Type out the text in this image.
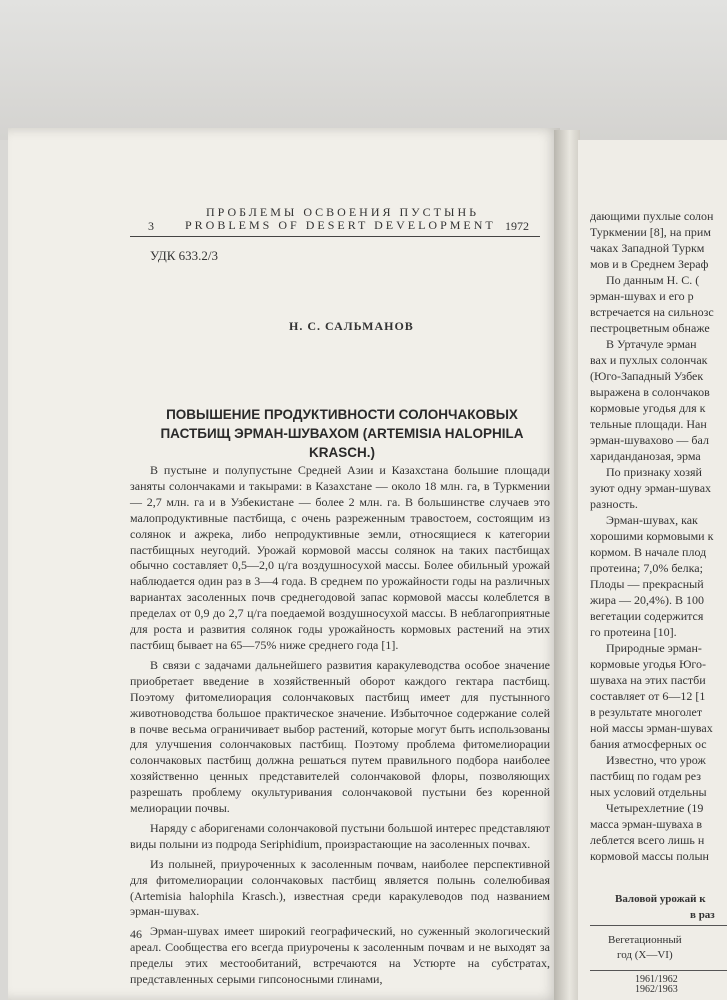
ПРОБЛЕМЫ ОСВОЕНИЯ ПУСТЫНЬ
3	PROBLEMS OF DESERT DEVELOPMENT 1972
УДК 633.2/3
Н. С. САЛЬМАНОВ
ПОВЫШЕНИЕ ПРОДУКТИВНОСТИ СОЛОНЧАКОВЫХ
ПАСТБИЩ ЭРМАН-ШУВАХОМ (ARTEMISIA HALOPHILA
KRASCH.)

В пустыне и полупустыне Средней Азии и Казахстана большие площади заняты солончаками и такырами: в Казахстане — около 18 млн. га, в Туркмении — 2,7 млн. га и в Узбекистане — более 2 млн. га. В большинстве случаев это малопродуктивные пастбища, с очень разреженным травостоем, состоящим из солянок и ажрека, либо непродуктивные земли, относящиеся к категории пастбищных неугодий. Урожай кормовой массы солянок на таких пастбищах обычно составляет 0,5—2,0 ц/га воздушносухой массы. Более обильный урожай наблюдается один раз в 3—4 года. В среднем по урожайности годы на различных вариантах засоленных почв среднегодовой запас кормовой массы колеблется в пределах от 0,9 до 2,7 ц/га поедаемой воздушносухой массы. В неблагоприятные для роста и развития солянок годы урожайность кормовых растений на этих пастбищ бывает на 65—75% ниже среднего года [1].

В связи с задачами дальнейшего развития каракулеводства особое значение приобретает введение в хозяйственный оборот каждого гектара пастбищ. Поэтому фитомелиорация солончаковых пастбищ имеет для пустынного животноводства большое практическое значение. Избыточное содержание солей в почве весьма ограничивает выбор растений, которые могут быть использованы для улучшения солончаковых пастбищ. Поэтому проблема фитомелиорации солончаковых пастбищ должна решаться путем правильного подбора наиболее хозяйственно ценных представителей солончаковой флоры, позволяющих разрешать проблему окультуривания солончаковой пустыни без коренной мелиорации почвы.

Наряду с аборигенами солончаковой пустыни большой интерес представляют виды полыни из подрода Seriphidium, произрастающие на засоленных почвах.

Из полыней, приуроченных к засоленным почвам, наиболее перспективной для фитомелиорации солончаковых пастбищ является полынь солелюбивая (Artemisia halophila Krasch.), известная среди каракулеводов под названием эрман-шувах.

Эрман-шувах имеет широкий географический, но суженный экологический ареал. Сообщества его всегда приурочены к засоленным почвам и не выходят за пределы этих местообитаний, встречаются на Устюрте на субстратах, представленных серыми гипсоносными глинами,

46
дающими пухлые солон
Туркмении [8], на прим
чаках Западной Туркм
мов и в Среднем Зераф
По данным Н. С. (
эрман-шувах и его р
встречается на сильнозс
пестроцветным обнаже
В Уртачуле эрман
вах и пухлых солончак
(Юго-Западный Узбек
выражена в солончаков
кормовые угодья для к
тельные площади. Нан
эрман-шувахово — бал
хариданданозая, эрма
По признаку хозяй
зуют одну эрман-шувах
разность.
Эрман-шувах, как
хорошими кормовыми к
кормом. В начале плод
протеина; 7,0% белка;
Плоды — прекрасный
жира — 20,4%). В 100
вегетации содержится
го протеина [10].
Природные эрман-
кормовые угодья Юго-
шуваха на этих пастби
составляет от 6—12 [1
в результате многолет
ной массы эрман-шувах
бания атмосферных ос
Известно, что урож
пастбищ по годам рез
ных условий отдельны
Четырехлетние (19
масса эрман-шуваха в
леблется всего лишь н
кормовой массы полын
Валовой урожай к
в раз
Вегетационный
год (X—VI)
1961/1962
1962/1963
